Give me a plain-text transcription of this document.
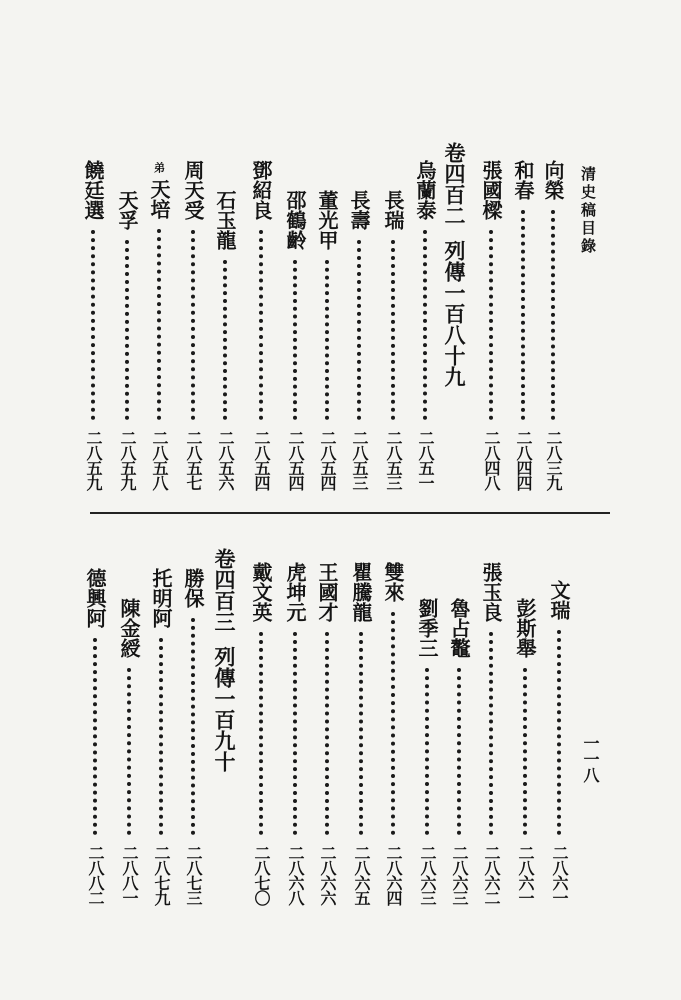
清史稿目錄
一一八
向榮
二八三九
和春
二八四四
張國樑
二八四八
卷四百二列傳一百八十九
烏蘭泰
二八五一
長瑞
二八五三
長壽
二八五三
董光甲
二八五四
邵鶴齡
二八五四
鄧紹良
二八五四
石玉龍
二八五六
周天受
二八五七
弟
天培
二八五八
天孚
二八五九
饒廷選
二八五九
文瑞
二八六一
彭斯舉
二八六一
張玉良
二八六二
魯占鼇
二八六三
劉季三
二八六三
雙來
二八六四
瞿騰龍
二八六五
王國才
二八六六
虎坤元
二八六八
戴文英
二八七〇
卷四百三列傳一百九十
勝保
二八七三
托明阿
二八七九
陳金綬
二八八一
德興阿
二八八二
